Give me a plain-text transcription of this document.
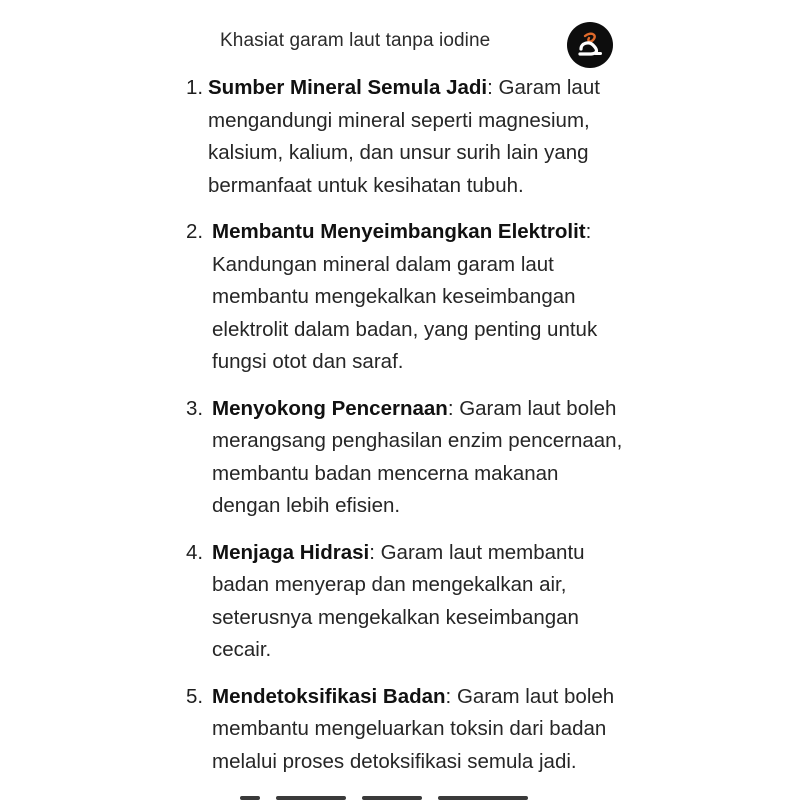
Khasiat garam laut tanpa iodine
1. Sumber Mineral Semula Jadi: Garam laut mengandungi mineral seperti magnesium, kalsium, kalium, dan unsur surih lain yang bermanfaat untuk kesihatan tubuh.
2. Membantu Menyeimbangkan Elektrolit: Kandungan mineral dalam garam laut membantu mengekalkan keseimbangan elektrolit dalam badan, yang penting untuk fungsi otot dan saraf.
3. Menyokong Pencernaan: Garam laut boleh merangsang penghasilan enzim pencernaan, membantu badan mencerna makanan dengan lebih efisien.
4. Menjaga Hidrasi: Garam laut membantu badan menyerap dan mengekalkan air, seterusnya mengekalkan keseimbangan cecair.
5. Mendetoksifikasi Badan: Garam laut boleh membantu mengeluarkan toksin dari badan melalui proses detoksifikasi semula jadi.
